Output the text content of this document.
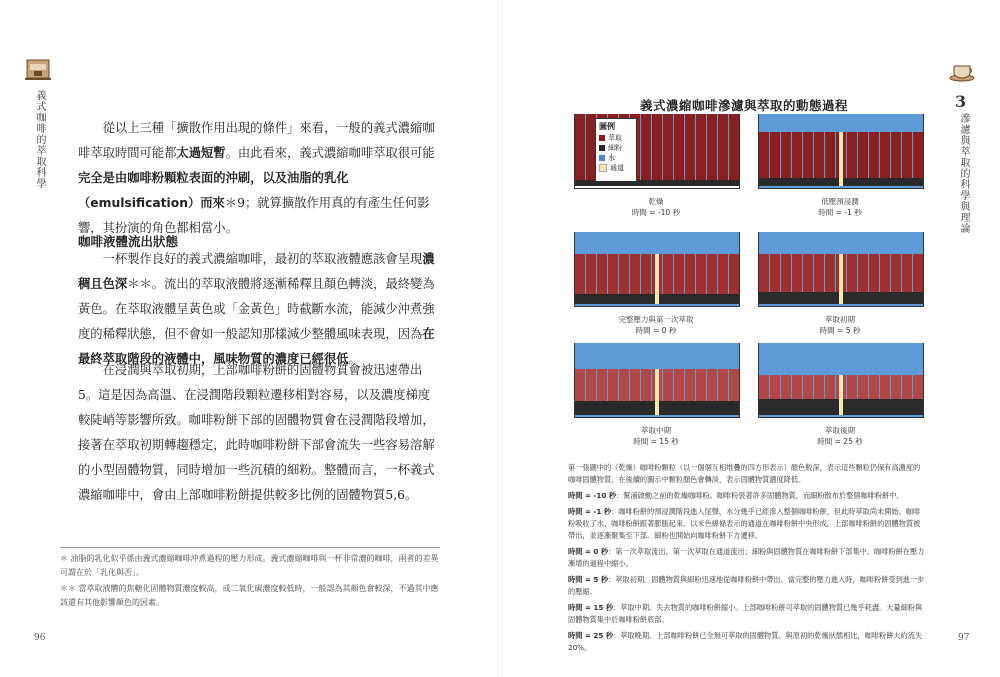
義式咖啡的萃取科學	從以上三種「擴散作用出現的條件」來看，一般的義式濃縮咖啡萃取時間可能都太過短暫。由此看來，義式濃縮咖啡萃取很可能完全是由咖啡粉顆粒表面的沖刷，以及油脂的乳化（emulsification）而來＊9；就算擴散作用真的有產生任何影響，其扮演的角色都相當小。

咖啡液體流出狀態

一杯製作良好的義式濃縮咖啡，最初的萃取液體應該會呈現濃稠且色深＊＊。流出的萃取液體將逐漸稀釋且顏色轉淡，最終變為黃色。在萃取液體呈黃色或「金黃色」時截斷水流，能減少沖煮強度的稀釋狀態，但不會如一般認知那樣減少整體風味表現，因為在最終萃取階段的液體中，風味物質的濃度已經很低。

在浸潤與萃取初期，上部咖啡粉餅的固體物質會被迅速帶出5。這是因為高溫、在浸潤階段顆粒遷移相對容易，以及濃度梯度較陡峭等影響所致。咖啡粉餅下部的固體物質會在浸潤階段增加，接著在萃取初期轉趨穩定，此時咖啡粉餅下部會流失一些容易溶解的小型固體物質，同時增加一些沉積的細粉。整體而言，一杯義式濃縮咖啡中，會由上部咖啡粉餅提供較多比例的固體物質5,6。

＊ 油脂的乳化似乎係由義式濃縮咖啡沖煮過程的壓力形成。義式濃縮咖啡與一杯非常濃的咖啡，兩者的差異可謂在於「乳化與否」。
＊＊ 當萃取液體的焦糖化固體物質濃度較高，或二氧化碳濃度較低時，一般認為其顏色會較深，不過其中應該還有其他影響顏色的因素。
96
3
滲濾與萃取的科學與理論
義式濃縮咖啡滲濾與萃取的動態過程
乾燥
時間 = -10 秒
低壓預浸潤
時間 = -1 秒
完整壓力與第一次萃取
時間 = 0 秒
萃取初期
時間 = 5 秒
萃取中期
時間 = 15 秒
萃取後期
時間 = 25 秒
圖例
萃取
細粉
水
通道

第一張圖中的（乾燥）咖啡粉顆粒（以一個個互相堆疊的四方形表示）顏色較深，表示這些顆粒仍保有高濃度的咖啡固體物質。在後續的圖示中顆粒顏色會轉淡，表示固體物質濃度降低。

時間 = -10 秒：幫浦啟動之前的乾燥咖啡粉。咖啡粉裝著許多固體物質，而細粉散布於整個咖啡粉餅中。

時間 = -1 秒：咖啡粉餅的預浸潤階段進入尾聲，水分幾乎已經滲入整個咖啡粉餅，但此時萃取尚未開始。咖啡粉吸收了水，咖啡粉餅跟著膨脹起來。以米色線條表示的通道在咖啡粉餅中央形成，上部咖啡粉餅的固體物質被帶出，並逐漸聚集至下部。細粉也開始向咖啡粉餅下方遷移。

時間 = 0 秒：第一次萃取流出，第一次萃取在通道流出；細粉與固體物質在咖啡粉餅下部集中。咖啡粉餅在壓力漸增的過程中縮小。

時間 = 5 秒：萃取初期。固體物質與細粉迅速地從咖啡粉餅中帶出。當完整的壓力進入時，咖啡粉餅受到進一步的壓縮。

時間 = 15 秒：萃取中期。失去物質的咖啡粉餅縮小。上部咖啡粉餅可萃取的固體物質已幾乎耗盡。大量細粉與固體物質集中於咖啡粉餅底部。

時間 = 25 秒：萃取晚期。上部咖啡粉餅已全無可萃取的固體物質。與原初的乾燥狀態相比，咖啡粉餅大約流失 20%。

97
